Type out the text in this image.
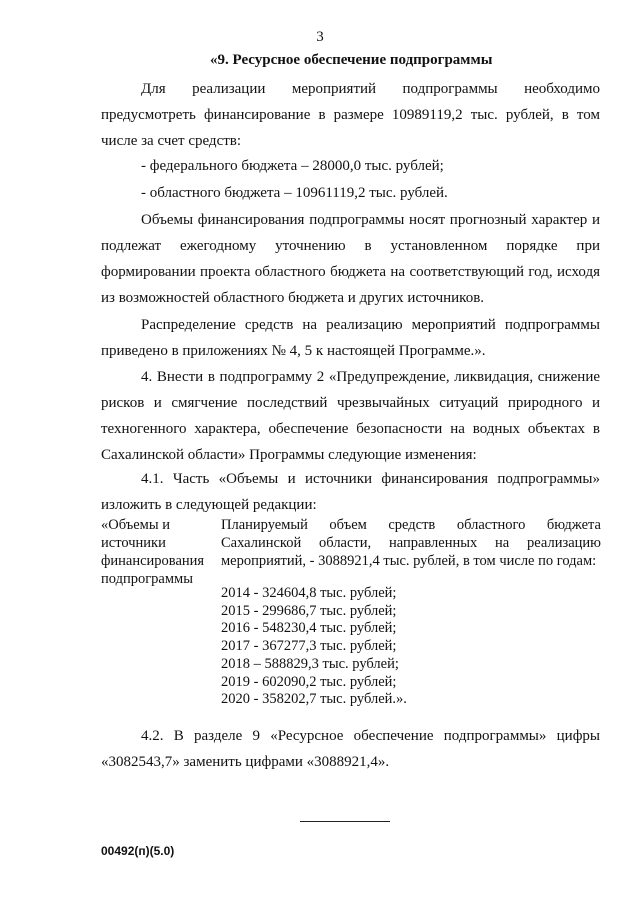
3
«9. Ресурсное обеспечение подпрограммы
Для реализации мероприятий подпрограммы необходимо предусмотреть финансирование в размере 10989119,2 тыс. рублей, в том числе за счет средств:
- федерального бюджета – 28000,0 тыс. рублей;
- областного бюджета – 10961119,2 тыс. рублей.
Объемы финансирования подпрограммы носят прогнозный характер и подлежат ежегодному уточнению в установленном порядке при формировании проекта областного бюджета на соответствующий год, исходя из возможностей областного бюджета и других источников.
Распределение средств на реализацию мероприятий подпрограммы приведено в приложениях № 4, 5 к настоящей Программе.».
4. Внести в подпрограмму 2 «Предупреждение, ликвидация, снижение рисков и смягчение последствий чрезвычайных ситуаций природного и техногенного характера, обеспечение безопасности на водных объектах в Сахалинской области» Программы следующие изменения:
4.1. Часть «Объемы и источники финансирования подпрограммы» изложить в следующей редакции:
«Объемы и источники финансирования подпрограммы
Планируемый объем средств областного бюджета Сахалинской области, направленных на реализацию мероприятий, - 3088921,4 тыс. рублей, в том числе по годам:
2014 - 324604,8 тыс. рублей;
2015 - 299686,7 тыс. рублей;
2016 - 548230,4 тыс. рублей;
2017 - 367277,3 тыс. рублей;
2018 – 588829,3 тыс. рублей;
2019 - 602090,2 тыс. рублей;
2020 - 358202,7 тыс. рублей.».
4.2. В разделе 9 «Ресурсное обеспечение подпрограммы» цифры «3082543,7» заменить цифрами «3088921,4».
00492(п)(5.0)
